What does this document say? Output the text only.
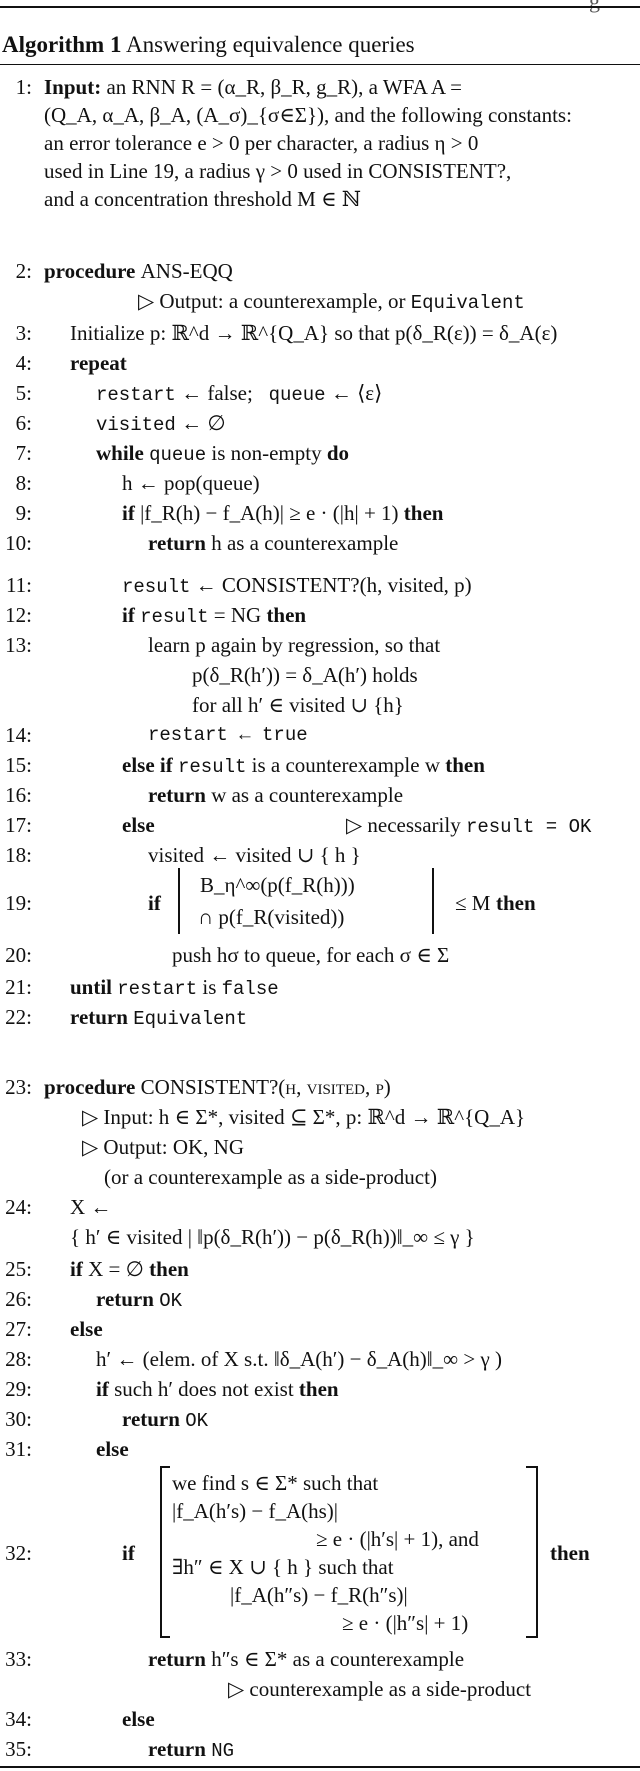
Algorithm 1 Answering equivalence queries
1: Input: an RNN R = (α_R, β_R, g_R), a WFA A =
(Q_A, α_A, β_A, (A_σ)_{σ∈Σ}), and the following constants:
an error tolerance e > 0 per character, a radius η > 0
used in Line 19, a radius γ > 0 used in CONSISTENT?,
and a concentration threshold M ∈ ℕ
2: procedure ANS-EQQ
▷ Output: a counterexample, or Equivalent
3: Initialize p: ℝ^d → ℝ^{Q_A} so that p(δ_R(ε)) = δ_A(ε)
4: repeat
5:	restart ← false; queue ← ⟨ε⟩
6:	visited ← ∅
7:	while queue is non-empty do
8:	h ← pop(queue)
9:	if |f_R(h) − f_A(h)| ≥ e · (|h| + 1) then
10:	return h as a counterexample
11:	result ← CONSISTENT?(h, visited, p)
12:	if result = NG then
13:	learn p again by regression, so that
p(δ_R(h′)) = δ_A(h′) holds
for all h′ ∈ visited ∪ {h}
14:	restart ← true
15:	else if result is a counterexample w then
16:	return w as a counterexample
17:	else	▷ necessarily result = OK
18:	visited ← visited ∪ { h }
19:	if	≤ M then
B_η^∞(p(f_R(h)))
∩ p(f_R(visited))
20:	push hσ to queue, for each σ ∈ Σ
21: until restart is false
22: return Equivalent
23: procedure CONSISTENT?(h, visited, p)
▷ Input: h ∈ Σ*, visited ⊆ Σ*, p: ℝ^d → ℝ^{Q_A}
▷ Output: OK, NG
(or a counterexample as a side-product)
24: X ←
{ h′ ∈ visited | ‖p(δ_R(h′)) − p(δ_R(h))‖_∞ ≤ γ }
25: if X = ∅ then
26:	return OK
27: else
28:	h′ ← (elem. of X s.t. ‖δ_A(h′) − δ_A(h)‖_∞ > γ )
29:	if such h′ does not exist then
30:	return OK
31:	else
we find s ∈ Σ* such that
|f_A(h′s) − f_A(hs)|
≥ e · (|h′s| + 1), and
∃h″ ∈ X ∪ { h } such that
|f_A(h″s) − f_R(h″s)|
≥ e · (|h″s| + 1)
32:	if	then
33:	return h″s ∈ Σ* as a counterexample
▷ counterexample as a side-product
34:	else
35:	return NG
